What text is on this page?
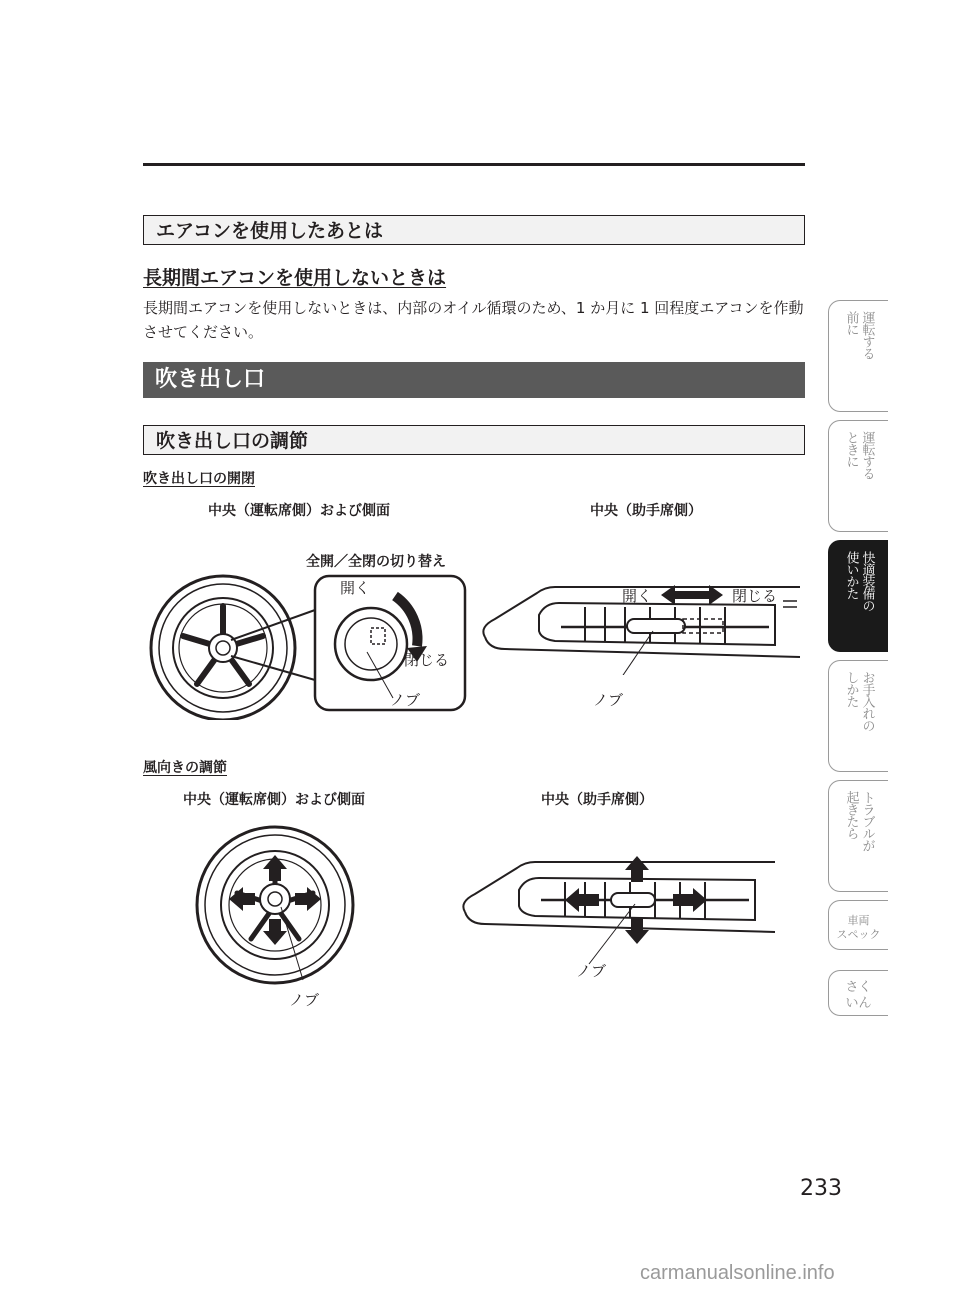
エアコンを使用したあとは
長期間エアコンを使用しないときは
長期間エアコンを使用しないときは、内部のオイル循環のため、1 か月に 1 回程度エアコンを作動させてください。
吹き出し口
吹き出し口の調節
吹き出し口の開閉
中央（運転席側）および側面	中央（助手席側）
全開／全閉の切り替え
開く
閉じる
ノブ
開く	閉じる
ノブ
風向きの調節
中央（運転席側）および側面	中央（助手席側）
ノブ
ノブ
運転する
前に
運転する
ときに
快適装備の
使いかた
お手入れの
しかた
トラブルが
起きたら
車両
スペック
さく
いん
233
carmanualsonline.info
